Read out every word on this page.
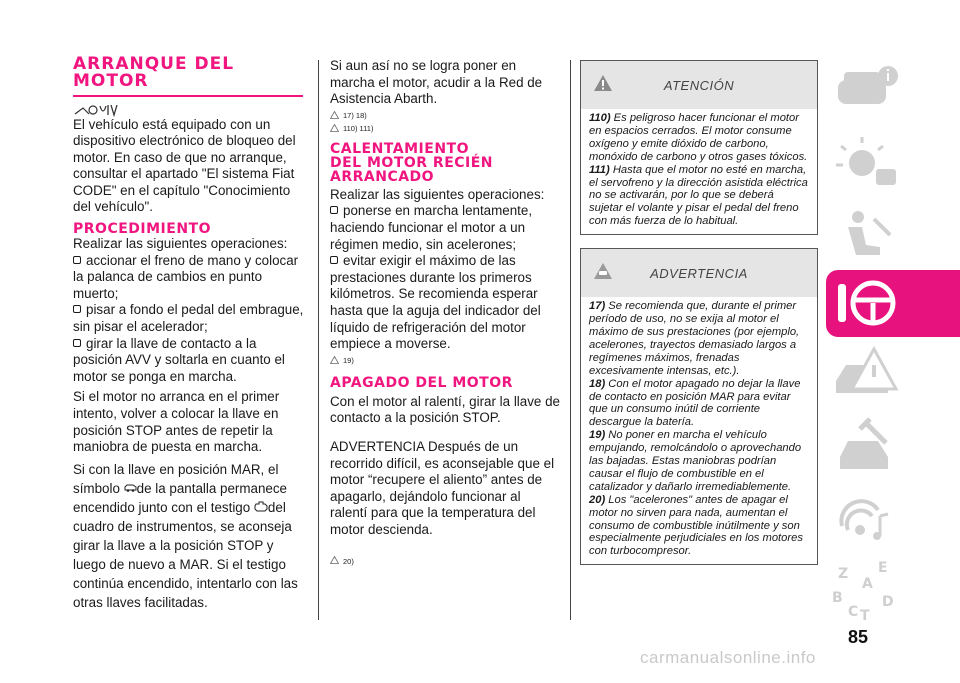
ARRANQUE DEL
MOTOR

El vehículo está equipado con un dispositivo electrónico de bloqueo del motor. En caso de que no arranque, consultar el apartado "El sistema Fiat CODE" en el capítulo "Conocimiento del vehículo".

PROCEDIMIENTO

Realizar las siguientes operaciones:

accionar el freno de mano y colocar la palanca de cambios en punto muerto;

pisar a fondo el pedal del embrague, sin pisar el acelerador;

girar la llave de contacto a la posición AVV y soltarla en cuanto el motor se ponga en marcha.

Si el motor no arranca en el primer intento, volver a colocar la llave en posición STOP antes de repetir la maniobra de puesta en marcha.

Si con la llave en posición MAR, el símbolo de la pantalla permanece encendido junto con el testigo del cuadro de instrumentos, se aconseja girar la llave a la posición STOP y luego de nuevo a MAR. Si el testigo continúa encendido, intentarlo con las otras llaves facilitadas.

Si aun así no se logra poner en marcha el motor, acudir a la Red de Asistencia Abarth.

17) 18)
110) 111)
CALENTAMIENTO
DEL MOTOR RECIÉN
ARRANCADO

Realizar las siguientes operaciones:

ponerse en marcha lentamente, haciendo funcionar el motor a un régimen medio, sin acelerones;

evitar exigir el máximo de las prestaciones durante los primeros kilómetros. Se recomienda esperar hasta que la aguja del indicador del líquido de refrigeración del motor empiece a moverse.

19)
APAGADO DEL MOTOR

Con el motor al ralentí, girar la llave de contacto a la posición STOP.

ADVERTENCIA Después de un recorrido difícil, es aconsejable que el motor “recupere el aliento” antes de apagarlo, dejándolo funcionar al ralentí para que la temperatura del motor descienda.

20)
ATENCIÓN
110) Es peligroso hacer funcionar el motor en espacios cerrados. El motor consume oxígeno y emite dióxido de carbono, monóxido de carbono y otros gases tóxicos.
111) Hasta que el motor no esté en marcha, el servofreno y la dirección asistida eléctrica no se activarán, por lo que se deberá sujetar el volante y pisar el pedal del freno con más fuerza de lo habitual.
ADVERTENCIA
17) Se recomienda que, durante el primer período de uso, no se exija al motor el máximo de sus prestaciones (por ejemplo, acelerones, trayectos demasiado largos a regímenes máximos, frenadas excesivamente intensas, etc.).
18) Con el motor apagado no dejar la llave de contacto en posición MAR para evitar que un consumo inútil de corriente descargue la batería.
19) No poner en marcha el vehículo empujando, remolcándolo o aprovechando las bajadas. Estas maniobras podrían causar el flujo de combustible en el catalizador y dañarlo irremediablemente.
20) Los "acelerones" antes de apagar el motor no sirven para nada, aumentan el consumo de combustible inútilmente y son especialmente perjudiciales en los motores con turbocompresor.
Z E
A
B
C T
D
85
carmanualsonline.info
